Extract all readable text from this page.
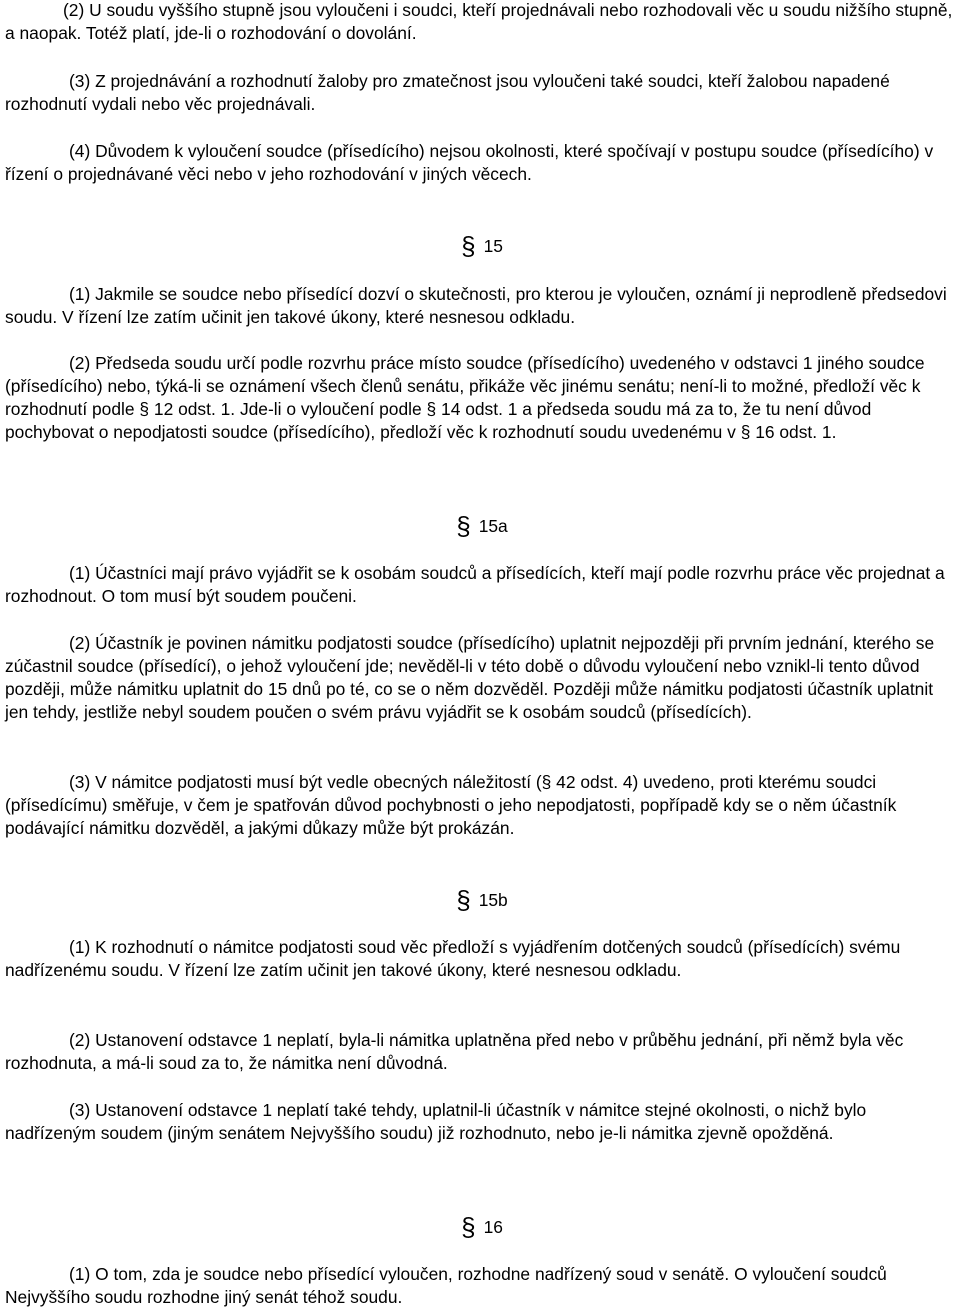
(2) U soudu vyššího stupně jsou vyloučeni i soudci, kteří projednávali nebo rozhodovali věc u soudu nižšího stupně, a naopak. Totéž platí, jde-li o rozhodování o dovolání.

(3) Z projednávání a rozhodnutí žaloby pro zmatečnost jsou vyloučeni také soudci, kteří žalobou napadené rozhodnutí vydali nebo věc projednávali.

(4) Důvodem k vyloučení soudce (přísedícího) nejsou okolnosti, které spočívají v postupu soudce (přísedícího) v řízení o projednávané věci nebo v jeho rozhodování v jiných věcech.

§ 15

(1) Jakmile se soudce nebo přísedící dozví o skutečnosti, pro kterou je vyloučen, oznámí ji neprodleně předsedovi soudu. V řízení lze zatím učinit jen takové úkony, které nesnesou odkladu.

(2) Předseda soudu určí podle rozvrhu práce místo soudce (přísedícího) uvedeného v odstavci 1 jiného soudce (přísedícího) nebo, týká-li se oznámení všech členů senátu, přikáže věc jinému senátu; není-li to možné, předloží věc k rozhodnutí podle § 12 odst. 1. Jde-li o vyloučení podle § 14 odst. 1 a předseda soudu má za to, že tu není důvod pochybovat o nepodjatosti soudce (přísedícího), předloží věc k rozhodnutí soudu uvedenému v § 16 odst. 1.

§ 15a

(1) Účastníci mají právo vyjádřit se k osobám soudců a přísedících, kteří mají podle rozvrhu práce věc projednat a rozhodnout. O tom musí být soudem poučeni.

(2) Účastník je povinen námitku podjatosti soudce (přísedícího) uplatnit nejpozději při prvním jednání, kterého se zúčastnil soudce (přísedící), o jehož vyloučení jde; nevěděl-li v této době o důvodu vyloučení nebo vznikl-li tento důvod později, může námitku uplatnit do 15 dnů po té, co se o něm dozvěděl. Později může námitku podjatosti účastník uplatnit jen tehdy, jestliže nebyl soudem poučen o svém právu vyjádřit se k osobám soudců (přísedících).

(3) V námitce podjatosti musí být vedle obecných náležitostí (§ 42 odst. 4) uvedeno, proti kterému soudci (přísedícímu) směřuje, v čem je spatřován důvod pochybnosti o jeho nepodjatosti, popřípadě kdy se o něm účastník podávající námitku dozvěděl, a jakými důkazy může být prokázán.

§ 15b

(1) K rozhodnutí o námitce podjatosti soud věc předloží s vyjádřením dotčených soudců (přísedících) svému nadřízenému soudu. V řízení lze zatím učinit jen takové úkony, které nesnesou odkladu.

(2) Ustanovení odstavce 1 neplatí, byla-li námitka uplatněna před nebo v průběhu jednání, při němž byla věc rozhodnuta, a má-li soud za to, že námitka není důvodná.

(3) Ustanovení odstavce 1 neplatí také tehdy, uplatnil-li účastník v námitce stejné okolnosti, o nichž bylo nadřízeným soudem (jiným senátem Nejvyššího soudu) již rozhodnuto, nebo je-li námitka zjevně opožděná.

§ 16

(1) O tom, zda je soudce nebo přísedící vyloučen, rozhodne nadřízený soud v senátě. O vyloučení soudců Nejvyššího soudu rozhodne jiný senát téhož soudu.
